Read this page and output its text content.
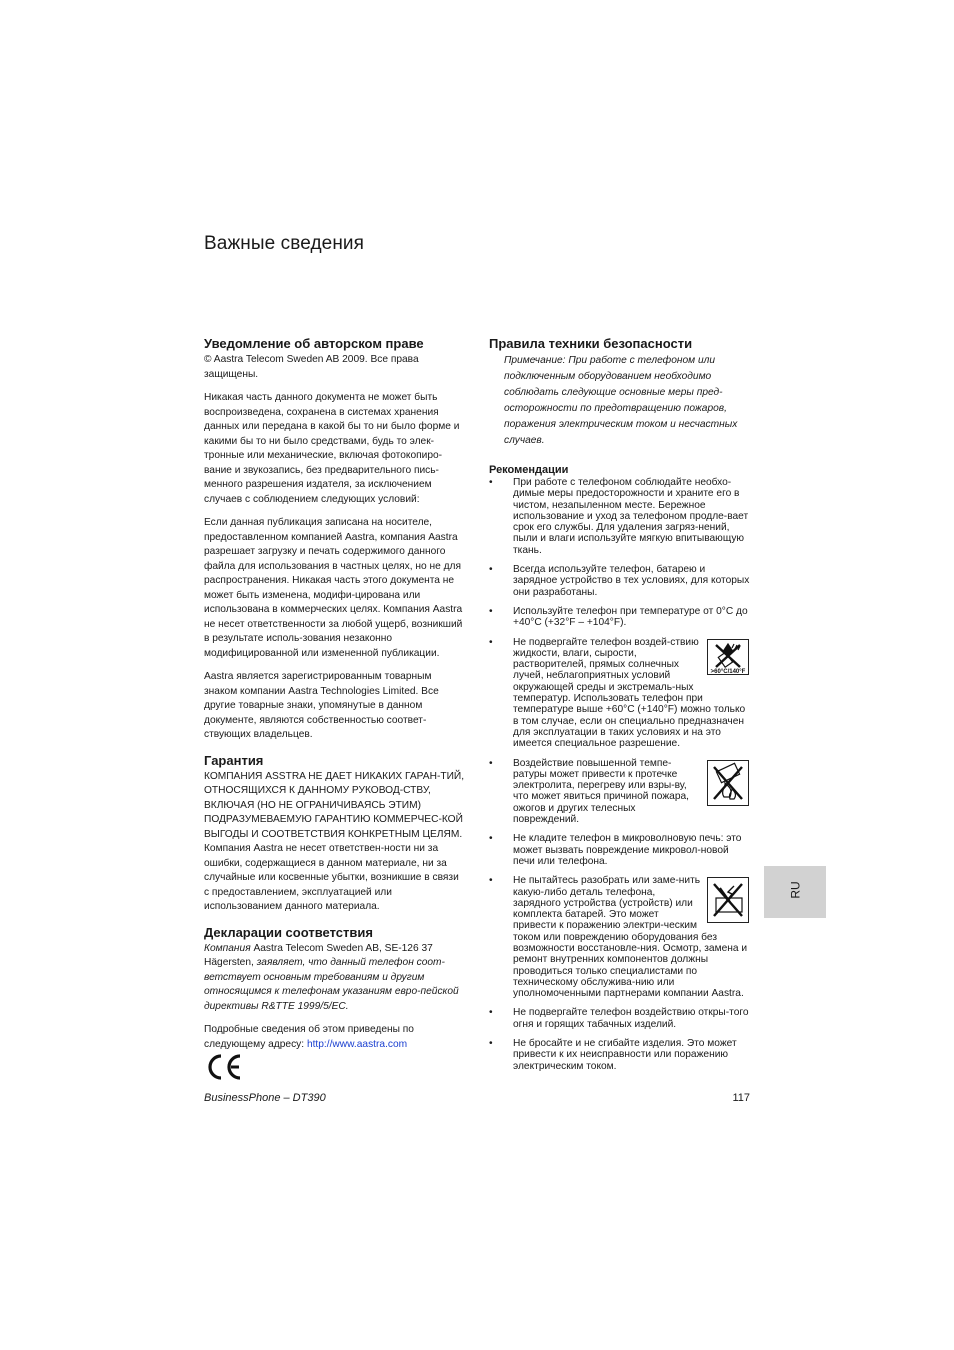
Важные сведения
Уведомление об авторском праве

© Aastra Telecom Sweden AB 2009. Все права защищены.

Никакая часть данного документа не может быть воспроизведена, сохранена в системах хранения данных или передана в какой бы то ни было форме и какими бы то ни было средствами, будь то элек-тронные или механические, включая фотокопиро-вание и звукозапись, без предварительного пись-менного разрешения издателя, за исключением случаев с соблюдением следующих условий:

Если данная публикация записана на носителе, предоставленном компанией Aastra, компания Aastra разрешает загрузку и печать содержимого данного файла для использования в частных целях, но не для распространения. Никакая часть этого документа не может быть изменена, модифи-цирована или использована в коммерческих целях. Компания Aastra не несет ответственности за любой ущерб, возникший в результате исполь-зования незаконно модифицированной или измененной публикации.

Aastra является зарегистрированным товарным знаком компании Aastra Technologies Limited. Все другие товарные знаки, упомянутые в данном документе, являются собственностью соответ-ствующих владельцев.

Гарантия

КОМПАНИЯ ASSTRA НЕ ДАЕТ НИКАКИХ ГАРАН-ТИЙ, ОТНОСЯЩИХСЯ К ДАННОМУ РУКОВОД-СТВУ, ВКЛЮЧАЯ (НО НЕ ОГРАНИЧИВАЯСЬ ЭТИМ) ПОДРАЗУМЕВАЕМУЮ ГАРАНТИЮ КОММЕРЧЕС-КОЙ ВЫГОДЫ И СООТВЕТСТВИЯ КОНКРЕТНЫМ ЦЕЛЯМ. Компания Aastra не несет ответствен-ности ни за ошибки, содержащиеся в данном материале, ни за случайные или косвенные убытки, возникшие в связи с предоставлением, эксплуатацией или использованием данного материала.

Декларации соответствия

Компания Aastra Telecom Sweden AB, SE-126 37 Hägersten, заявляет, что данный телефон соот-ветствует основным требованиям и другим относящимся к телефонам указаниям евро-пейской директивы R&TTE 1999/5/EC.

Подробные сведения об этом приведены по следующему адресу: http://www.aastra.com

Правила техники безопасности

Примечание: При работе с телефоном или подключенным оборудованием необходимо соблюдать следующие основные меры пред-осторожности по предотвращению пожаров, поражения электрическим током и несчастных случаев.

Рекомендации
• При работе с телефоном соблюдайте необхо-димые меры предосторожности и храните его в чистом, незапыленном месте. Бережное использование и уход за телефоном продле-вает срок его службы. Для удаления загряз-нений, пыли и влаги используйте мягкую впитывающую ткань.
• Всегда используйте телефон, батарею и зарядное устройство в тех условиях, для которых они разработаны.
• Используйте телефон при температуре от 0°C до +40°C (+32°F – +104°F).
•
>60°C/140°F
Не подвергайте телефон воздей-ствию жидкости, влаги, сырости, растворителей, прямых солнечных лучей, неблагоприятных условий окружающей среды и экстремаль-ных температур. Использовать телефон при температуре выше +60°C (+140°F) можно только в том случае, если он специально предназначен для эксплуатации в таких условиях и на это имеется специальное разрешение.
• Воздействие повышенной темпе-ратуры может привести к протечке электролита, перегреву или взры-ву, что может явиться причиной пожара, ожогов и других телесных повреждений.
• Не кладите телефон в микроволновую печь: это может вызвать повреждение микровол-новой печи или телефона.
• Не пытайтесь разобрать или заме-нить какую-либо деталь телефона, зарядного устройства (устройств) или комплекта батарей. Это может привести к поражению электри-ческим током или повреждению оборудования без возможности восстановле-ния. Осмотр, замена и ремонт внутренних компонентов должны проводиться только специалистами по техническому обслужива-нию или уполномоченными партнерами компании Aastra.
• Не подвергайте телефон воздействию откры-того огня и горящих табачных изделий.
• Не бросайте и не сгибайте изделия. Это может привести к их неисправности или поражению электрическим током.
RU
BusinessPhone – DT390	117
